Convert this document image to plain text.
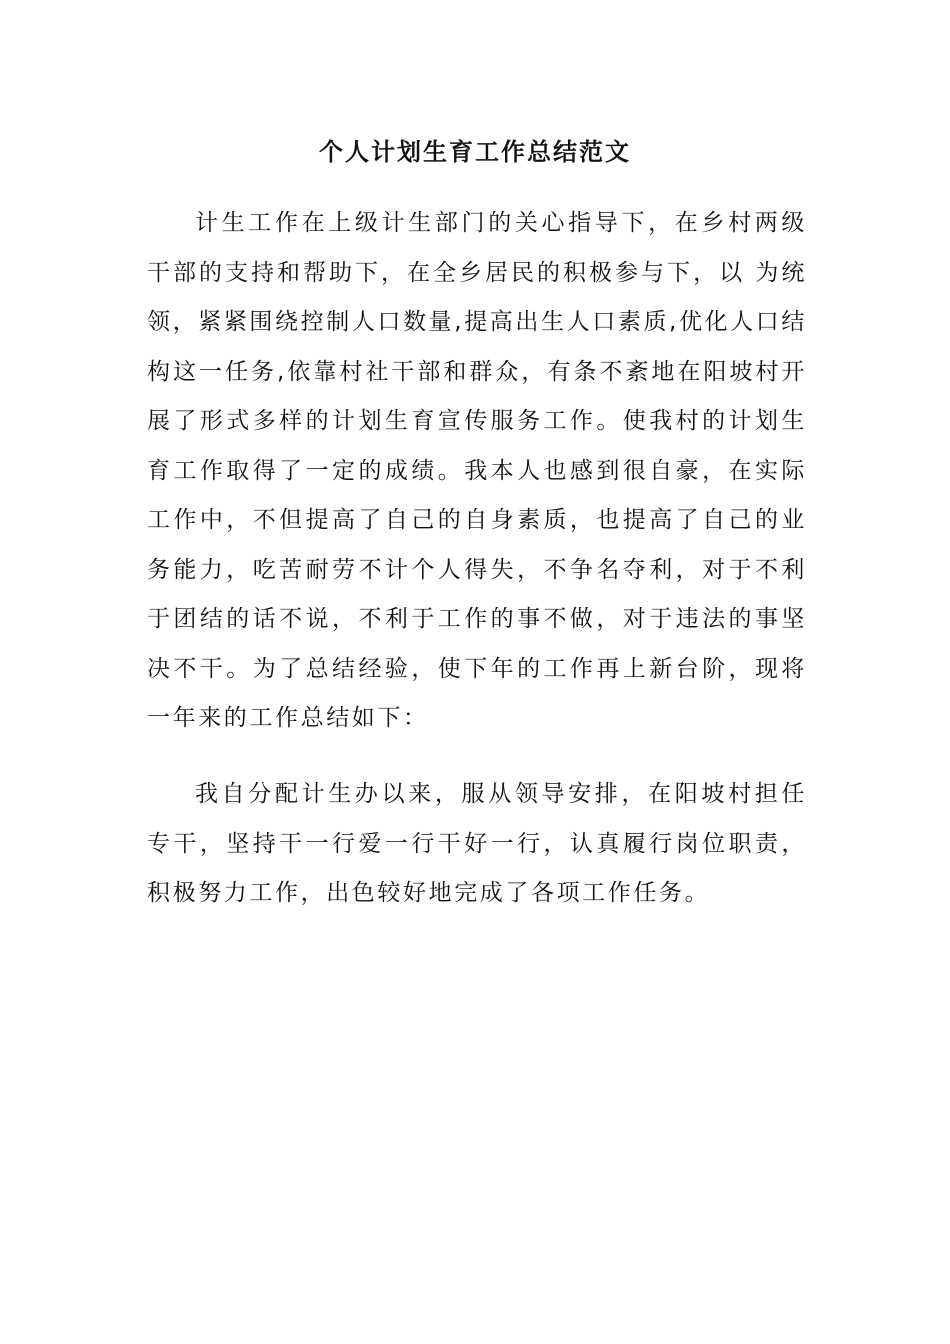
个人计划生育工作总结范文

计生工作在上级计生部门的关心指导下，在乡村两级干部的支持和帮助下，在全乡居民的积极参与下，以 为统领，紧紧围绕控制人口数量,提高出生人口素质,优化人口结构这一任务,依靠村社干部和群众，有条不紊地在阳坡村开展了形式多样的计划生育宣传服务工作。使我村的计划生育工作取得了一定的成绩。我本人也感到很自豪，在实际工作中，不但提高了自己的自身素质，也提高了自己的业务能力，吃苦耐劳不计个人得失，不争名夺利，对于不利于团结的话不说，不利于工作的事不做，对于违法的事坚决不干。为了总结经验，使下年的工作再上新台阶，现将一年来的工作总结如下：

我自分配计生办以来，服从领导安排，在阳坡村担任专干，坚持干一行爱一行干好一行，认真履行岗位职责，积极努力工作，出色较好地完成了各项工作任务。
